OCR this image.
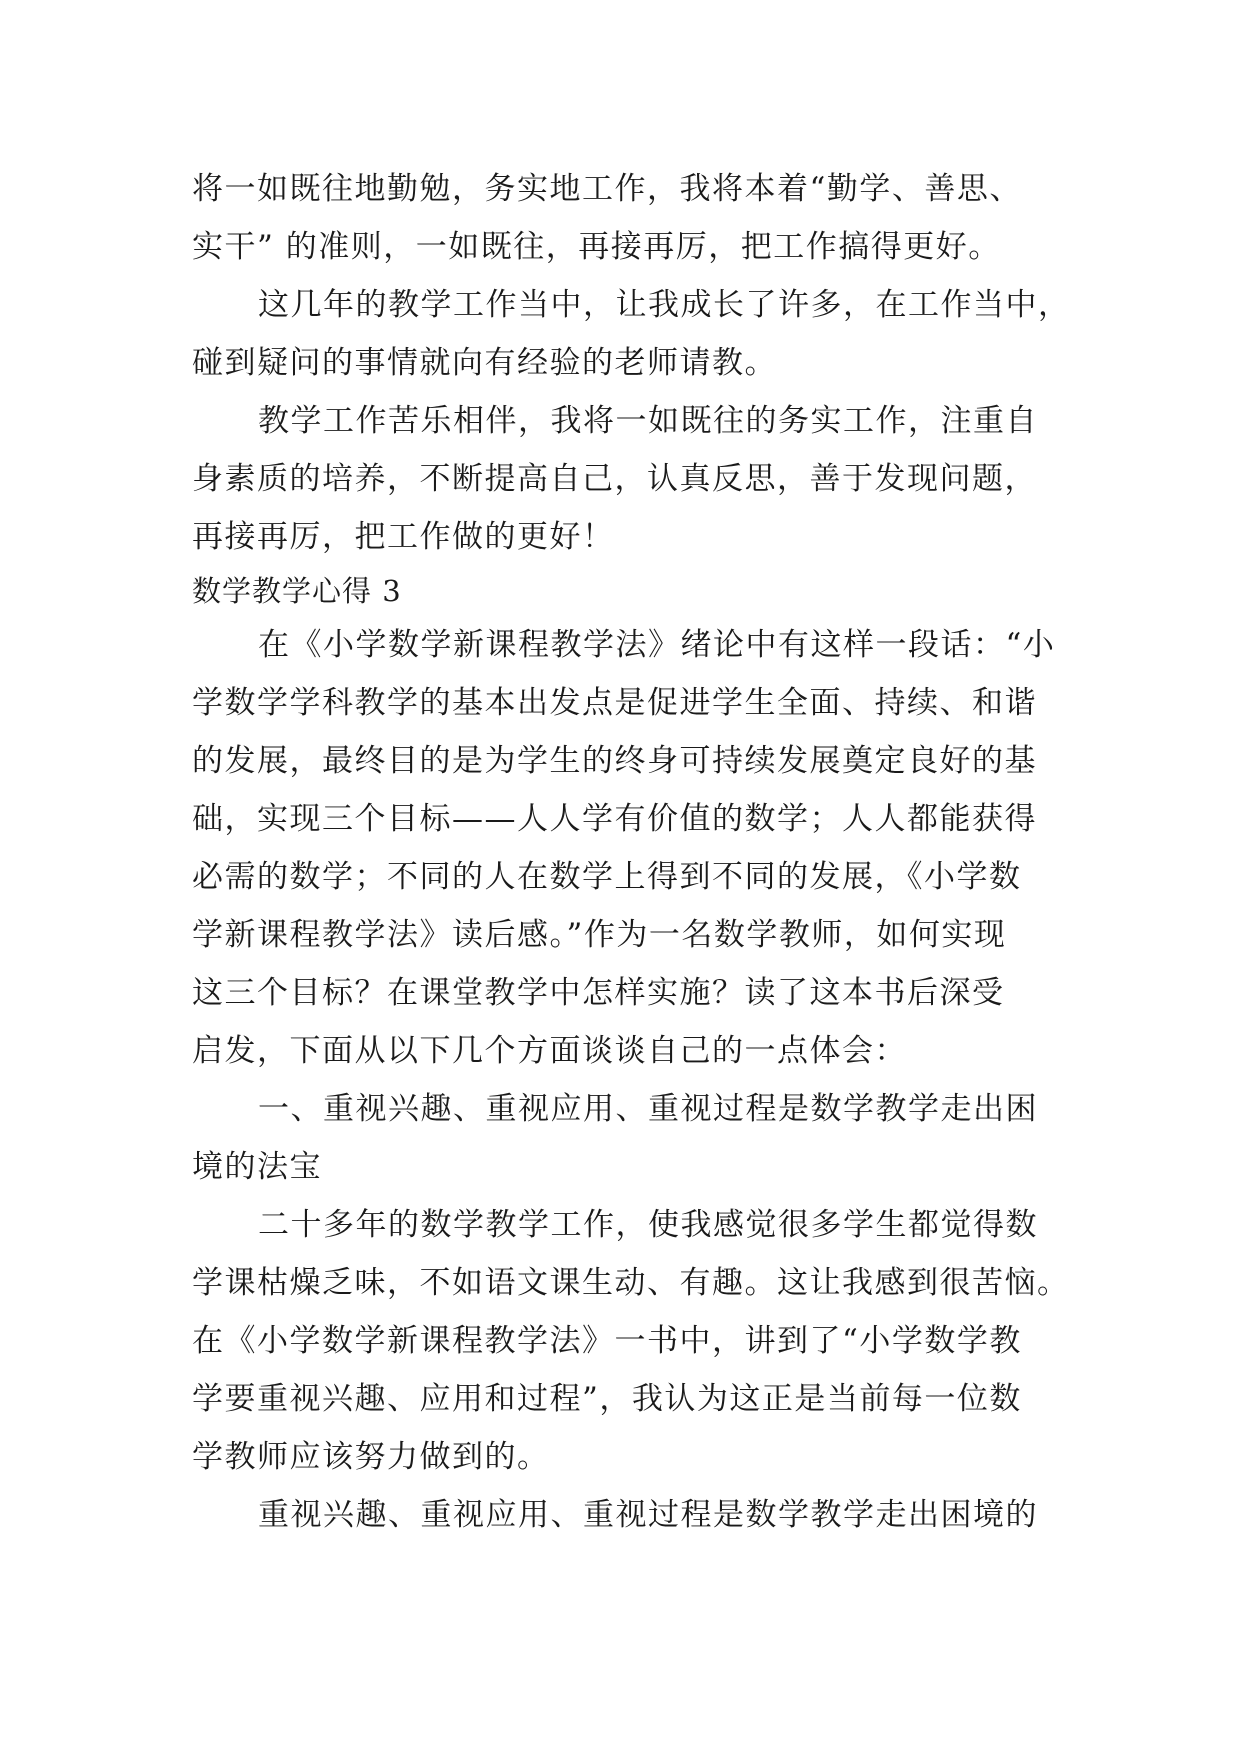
将一如既往地勤勉，务实地工作，我将本着“勤学、善思、
实干” 的准则，一如既往，再接再厉，把工作搞得更好。
这几年的教学工作当中，让我成长了许多，在工作当中，
碰到疑问的事情就向有经验的老师请教。
教学工作苦乐相伴，我将一如既往的务实工作，注重自
身素质的培养，不断提高自己，认真反思，善于发现问题，
再接再厉，把工作做的更好！
数学教学心得 3
在《小学数学新课程教学法》绪论中有这样一段话：“小
学数学学科教学的基本出发点是促进学生全面、持续、和谐
的发展，最终目的是为学生的终身可持续发展奠定良好的基
础，实现三个目标——人人学有价值的数学；人人都能获得
必需的数学；不同的人在数学上得到不同的发展，《小学数
学新课程教学法》读后感。”作为一名数学教师，如何实现
这三个目标？在课堂教学中怎样实施？读了这本书后深受
启发，下面从以下几个方面谈谈自己的一点体会：
一、重视兴趣、重视应用、重视过程是数学教学走出困
境的法宝
二十多年的数学教学工作，使我感觉很多学生都觉得数
学课枯燥乏味，不如语文课生动、有趣。这让我感到很苦恼。
在《小学数学新课程教学法》一书中，讲到了“小学数学教
学要重视兴趣、应用和过程”，我认为这正是当前每一位数
学教师应该努力做到的。
重视兴趣、重视应用、重视过程是数学教学走出困境的
